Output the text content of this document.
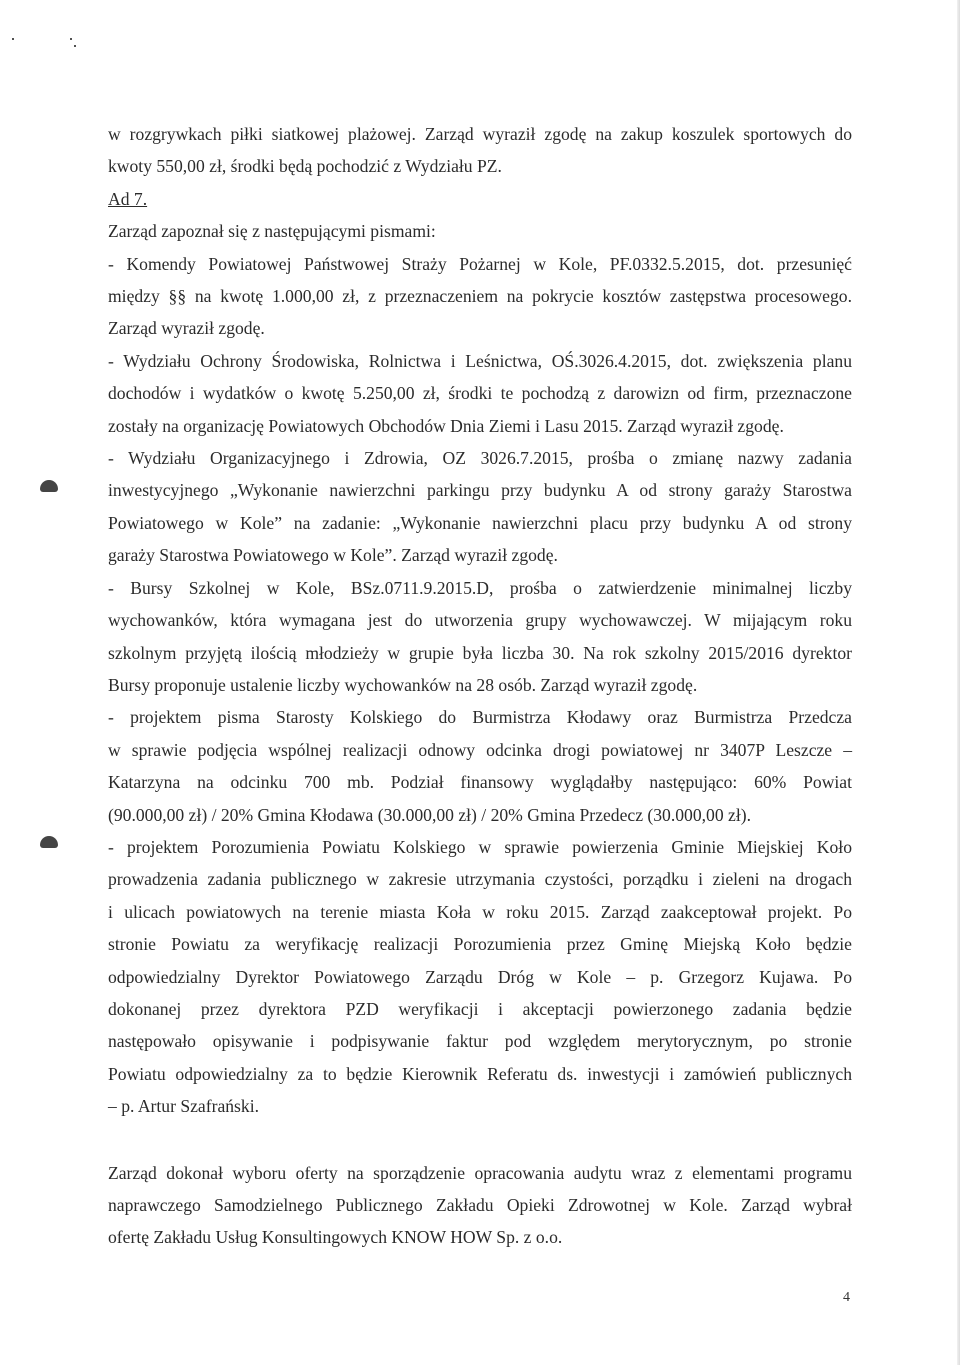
w rozgrywkach piłki siatkowej plażowej. Zarząd wyraził zgodę na zakup koszulek sportowych do
kwoty 550,00 zł, środki będą pochodzić z Wydziału PZ.
Ad 7.
Zarząd zapoznał się z następującymi pismami:
- Komendy Powiatowej Państwowej Straży Pożarnej w Kole, PF.0332.5.2015, dot. przesunięć
między §§ na kwotę 1.000,00 zł, z przeznaczeniem na pokrycie kosztów zastępstwa procesowego.
Zarząd wyraził zgodę.
- Wydziału Ochrony Środowiska, Rolnictwa i Leśnictwa, OŚ.3026.4.2015, dot. zwiększenia planu
dochodów i wydatków o kwotę 5.250,00 zł, środki te pochodzą z darowizn od firm, przeznaczone
zostały na organizację Powiatowych Obchodów Dnia Ziemi i Lasu 2015. Zarząd wyraził zgodę.
- Wydziału Organizacyjnego i Zdrowia, OZ 3026.7.2015, prośba o zmianę nazwy zadania
inwestycyjnego „Wykonanie nawierzchni parkingu przy budynku A od strony garaży Starostwa
Powiatowego w Kole” na zadanie: „Wykonanie nawierzchni placu przy budynku A od strony
garaży Starostwa Powiatowego w Kole”. Zarząd wyraził zgodę.
- Bursy Szkolnej w Kole, BSz.0711.9.2015.D, prośba o zatwierdzenie minimalnej liczby
wychowanków, która wymagana jest do utworzenia grupy wychowawczej. W mijającym roku
szkolnym przyjętą ilością młodzieży w grupie była liczba 30. Na rok szkolny 2015/2016 dyrektor
Bursy proponuje ustalenie liczby wychowanków na 28 osób. Zarząd wyraził zgodę.
- projektem pisma Starosty Kolskiego do Burmistrza Kłodawy oraz Burmistrza Przedcza
w sprawie podjęcia wspólnej realizacji odnowy odcinka drogi powiatowej nr 3407P Leszcze –
Katarzyna na odcinku 700 mb. Podział finansowy wyglądałby następująco: 60% Powiat
(90.000,00 zł) / 20% Gmina Kłodawa (30.000,00 zł) / 20% Gmina Przedecz (30.000,00 zł).
- projektem Porozumienia Powiatu Kolskiego w sprawie powierzenia Gminie Miejskiej Koło
prowadzenia zadania publicznego w zakresie utrzymania czystości, porządku i zieleni na drogach
i ulicach powiatowych na terenie miasta Koła w roku 2015. Zarząd zaakceptował projekt. Po
stronie Powiatu za weryfikację realizacji Porozumienia przez Gminę Miejską Koło będzie
odpowiedzialny Dyrektor Powiatowego Zarządu Dróg w Kole – p. Grzegorz Kujawa. Po
dokonanej przez dyrektora PZD weryfikacji i akceptacji powierzonego zadania będzie
następowało opisywanie i podpisywanie faktur pod względem merytorycznym, po stronie
Powiatu odpowiedzialny za to będzie Kierownik Referatu ds. inwestycji i zamówień publicznych
– p. Artur Szafrański.
Zarząd dokonał wyboru oferty na sporządzenie opracowania audytu wraz z elementami programu
naprawczego Samodzielnego Publicznego Zakładu Opieki Zdrowotnej w Kole. Zarząd wybrał
ofertę Zakładu Usług Konsultingowych KNOW HOW Sp. z o.o.
4
